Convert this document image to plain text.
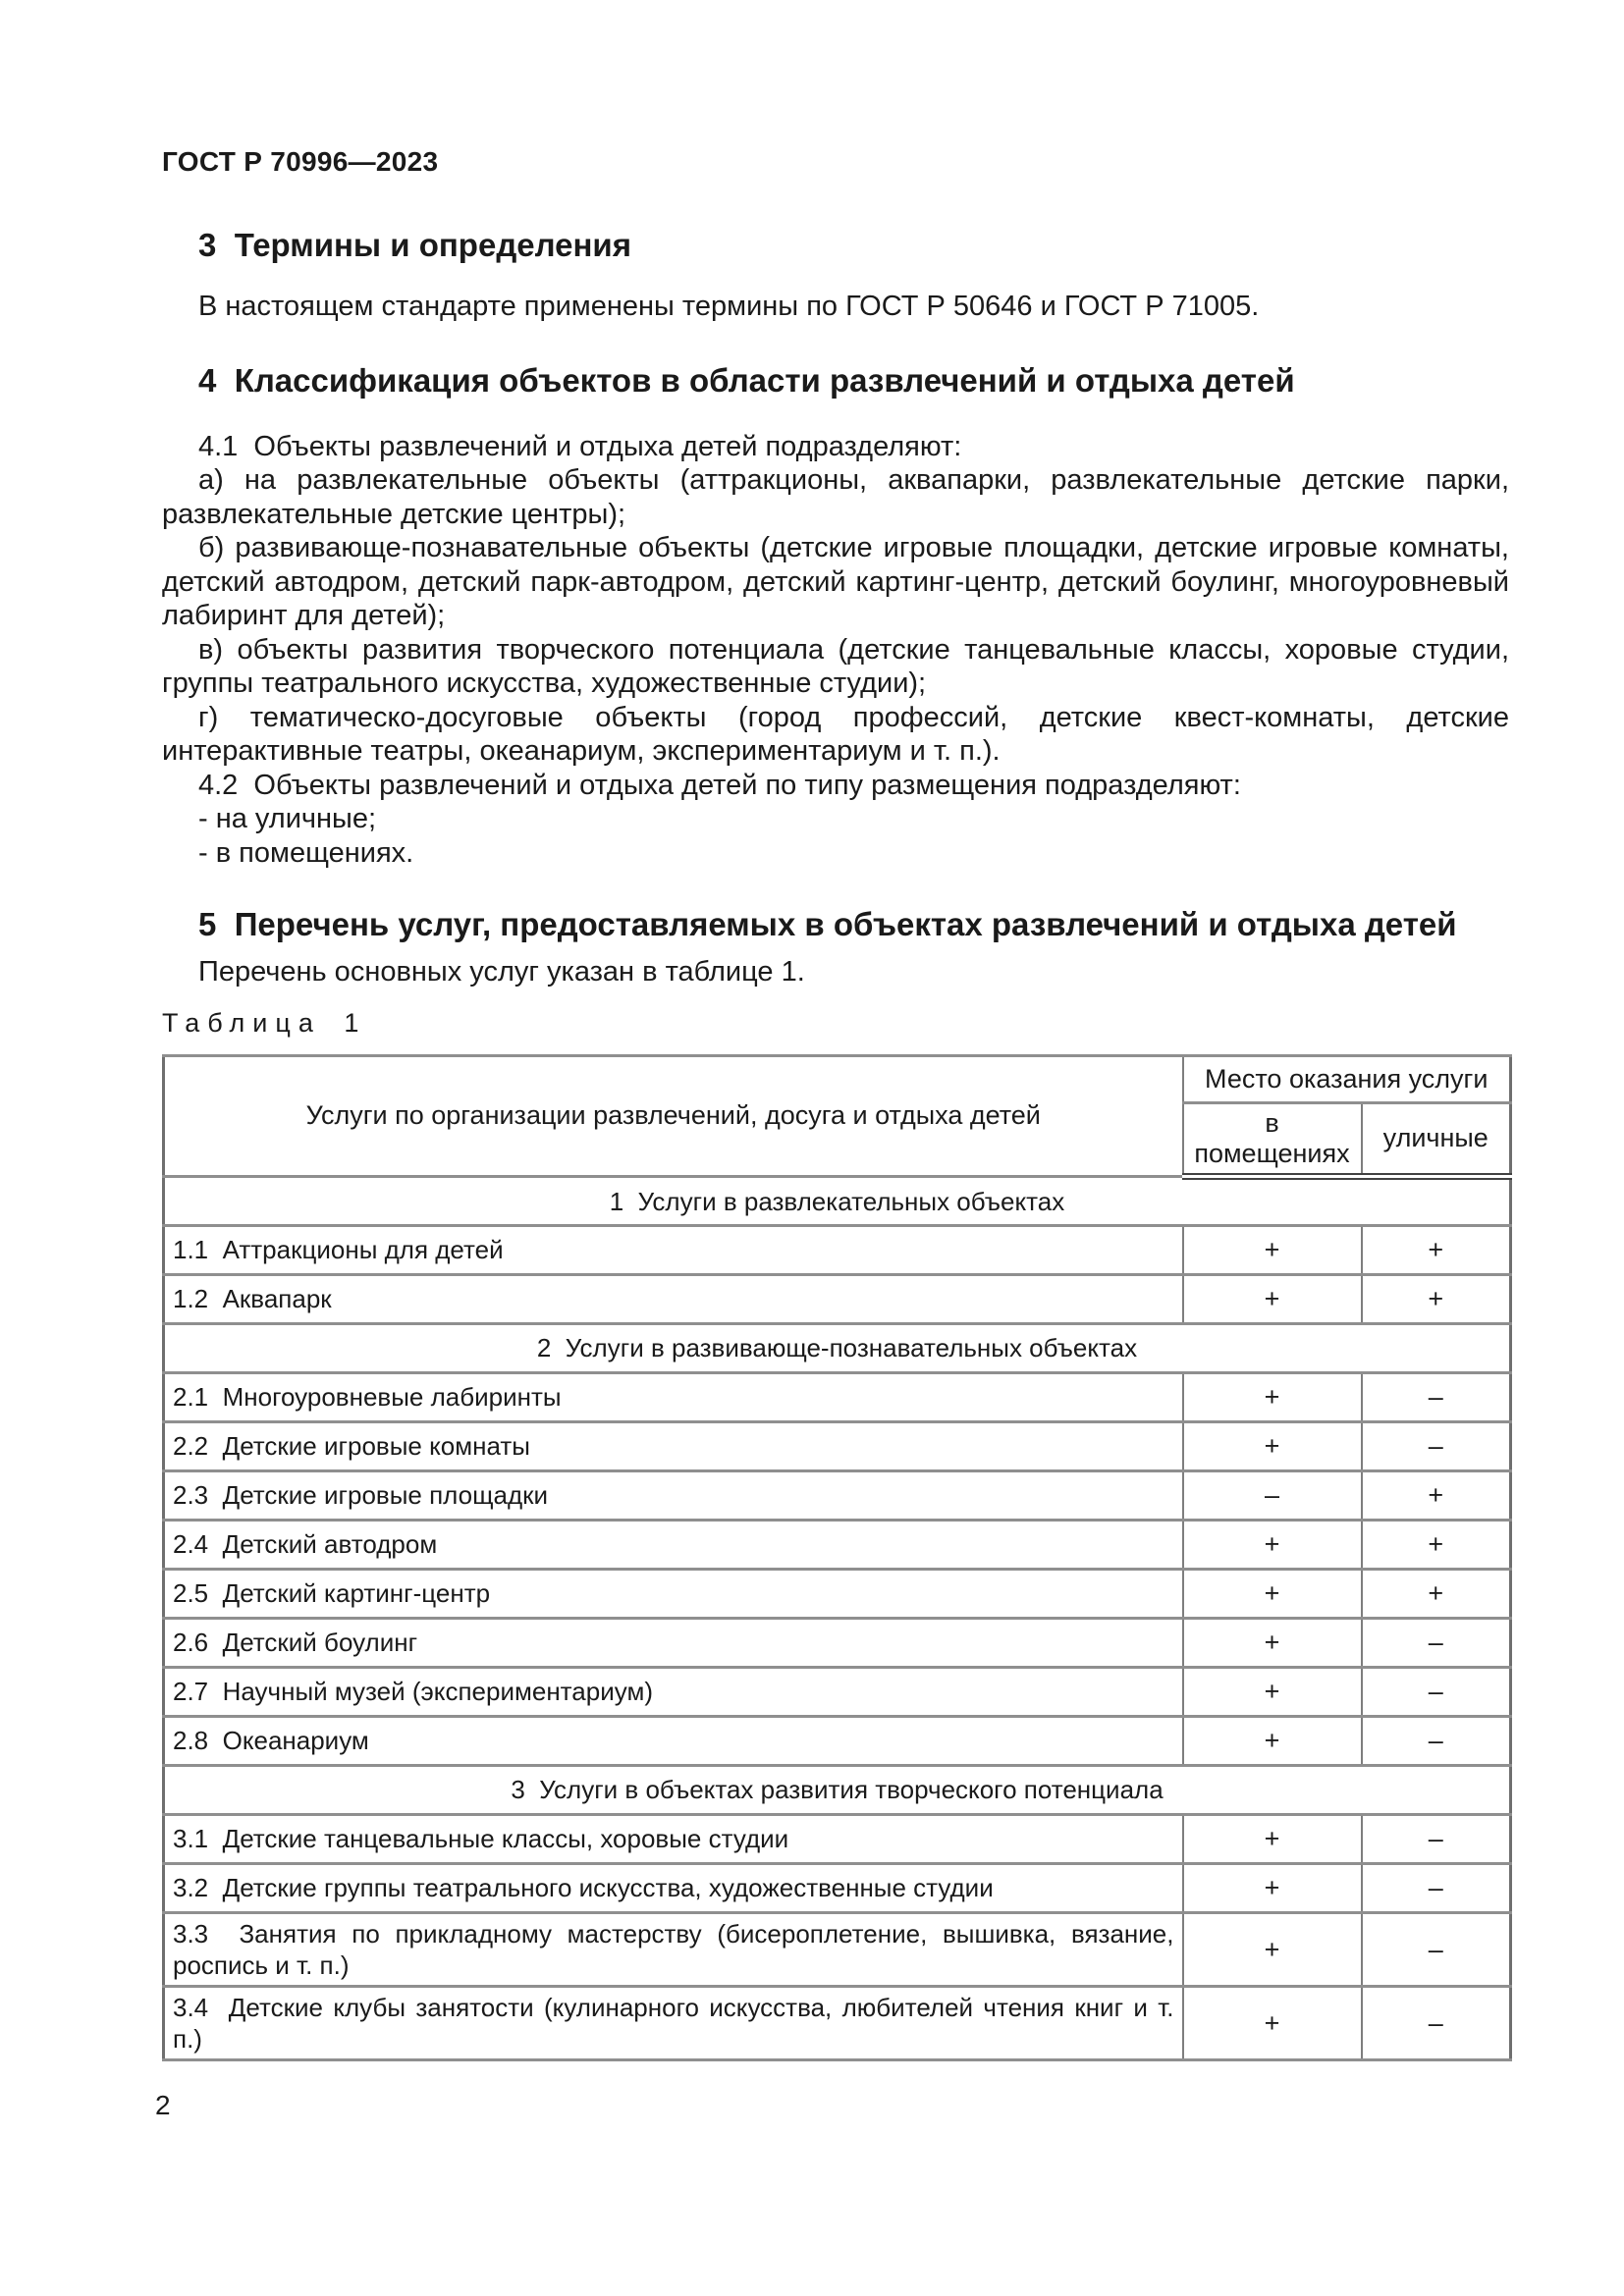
ГОСТ Р 70996—2023

3  Термины и определения

В настоящем стандарте применены термины по ГОСТ Р 50646 и ГОСТ Р 71005.

4  Классификация объектов в области развлечений и отдыха детей

4.1  Объекты развлечений и отдыха детей подразделяют:

а) на развлекательные объекты (аттракционы, аквапарки, развлекательные детские парки, развлекательные детские центры);

б) развивающе-познавательные объекты (детские игровые площадки, детские игровые комнаты, детский автодром, детский парк-автодром, детский картинг-центр, детский боулинг, многоуровневый лабиринт для детей);

в) объекты развития творческого потенциала (детские танцевальные классы, хоровые студии, группы театрального искусства, художественные студии);

г) тематическо-досуговые объекты (город профессий, детские квест-комнаты, детские интерактивные театры, океанариум, экспериментариум и т. п.).

4.2  Объекты развлечений и отдыха детей по типу размещения подразделяют:

- на уличные;

- в помещениях.

5  Перечень услуг, предоставляемых в объектах развлечений и отдыха детей

Перечень основных услуг указан в таблице 1.

Таблица 1

Услуги по организации развлечений, досуга и отдыха детей	Место оказания услуги	
	в помещениях	уличные
1  Услуги в развлекательных объектах		
1.1  Аттракционы для детей	+	+
1.2  Аквапарк	+	+
2  Услуги в развивающе-познавательных объектах		
2.1  Многоуровневые лабиринты	+	–
2.2  Детские игровые комнаты	+	–
2.3  Детские игровые площадки	–	+
2.4  Детский автодром	+	+
2.5  Детский картинг-центр	+	+
2.6  Детский боулинг	+	–
2.7  Научный музей (экспериментариум)	+	–
2.8  Океанариум	+	–
3  Услуги в объектах развития творческого потенциала		
3.1  Детские танцевальные классы, хоровые студии	+	–
3.2  Детские группы театрального искусства, художественные студии	+	–
3.3  Занятия по прикладному мастерству (бисероплетение, вышивка, вязание, роспись и т. п.)	+	–
3.4  Детские клубы занятости (кулинарного искусства, любителей чтения книг и т. п.)	+	–

2
